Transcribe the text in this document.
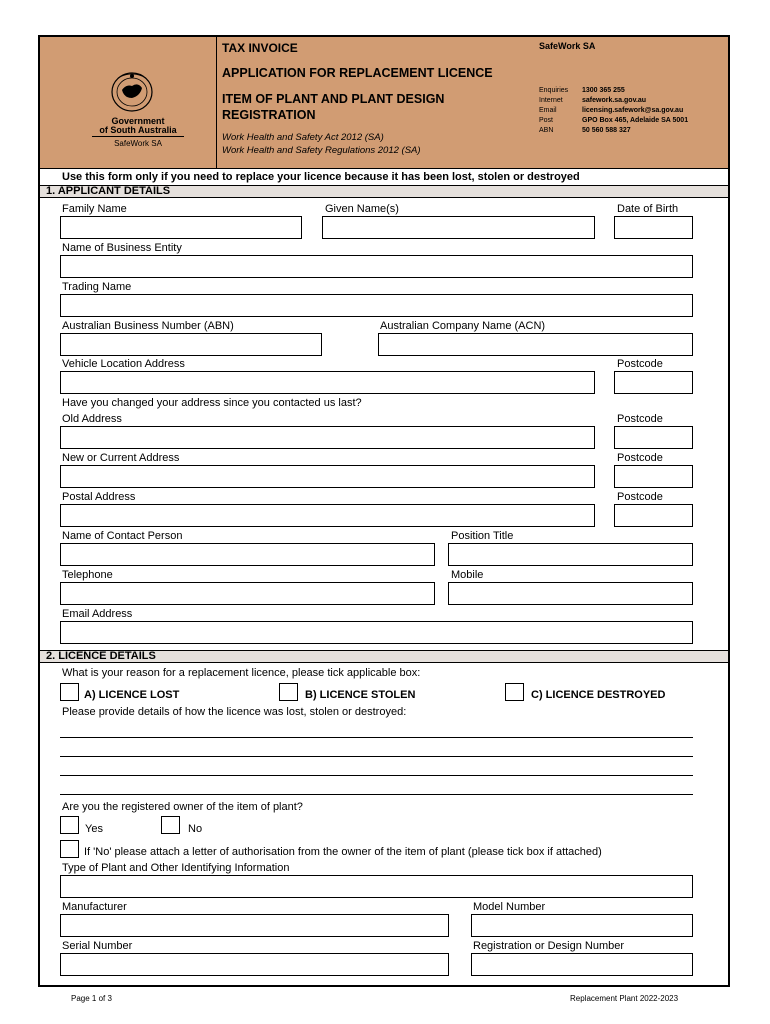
Government
of South Australia
SafeWork SA
TAX INVOICE
APPLICATION FOR REPLACEMENT LICENCE
ITEM OF PLANT AND PLANT DESIGN
REGISTRATION
Work Health and Safety Act 2012 (SA)
Work Health and Safety Regulations 2012 (SA)
SafeWork SA
Enquiries 1300 365 255
Internet	safework.sa.gov.au
Email	licensing.safework@sa.gov.au
Post	GPO Box 465, Adelaide SA 5001
ABN	50 560 588 327
Use this form only if you need to replace your licence because it has been lost, stolen or destroyed
1. APPLICANT DETAILS
Family Name	Given Name(s)	Date of Birth
Name of Business Entity
Trading Name
Australian Business Number (ABN)	Australian Company Name (ACN)
Vehicle Location Address	Postcode
Have you changed your address since you contacted us last?
Old Address	Postcode
New or Current Address	Postcode
Postal Address	Postcode
Name of Contact Person	Position Title
Telephone	Mobile
Email Address
2. LICENCE DETAILS
What is your reason for a replacement licence, please tick applicable box:
A) LICENCE LOST	B) LICENCE STOLEN	C) LICENCE DESTROYED
Please provide details of how the licence was lost, stolen or destroyed:
Are you the registered owner of the item of plant?
Yes	No
If 'No' please attach a letter of authorisation from the owner of the item of plant (please tick box if attached)
Type of Plant and Other Identifying Information
Manufacturer	Model Number
Serial Number	Registration or Design Number
Page 1 of 3	Replacement Plant 2022-2023
